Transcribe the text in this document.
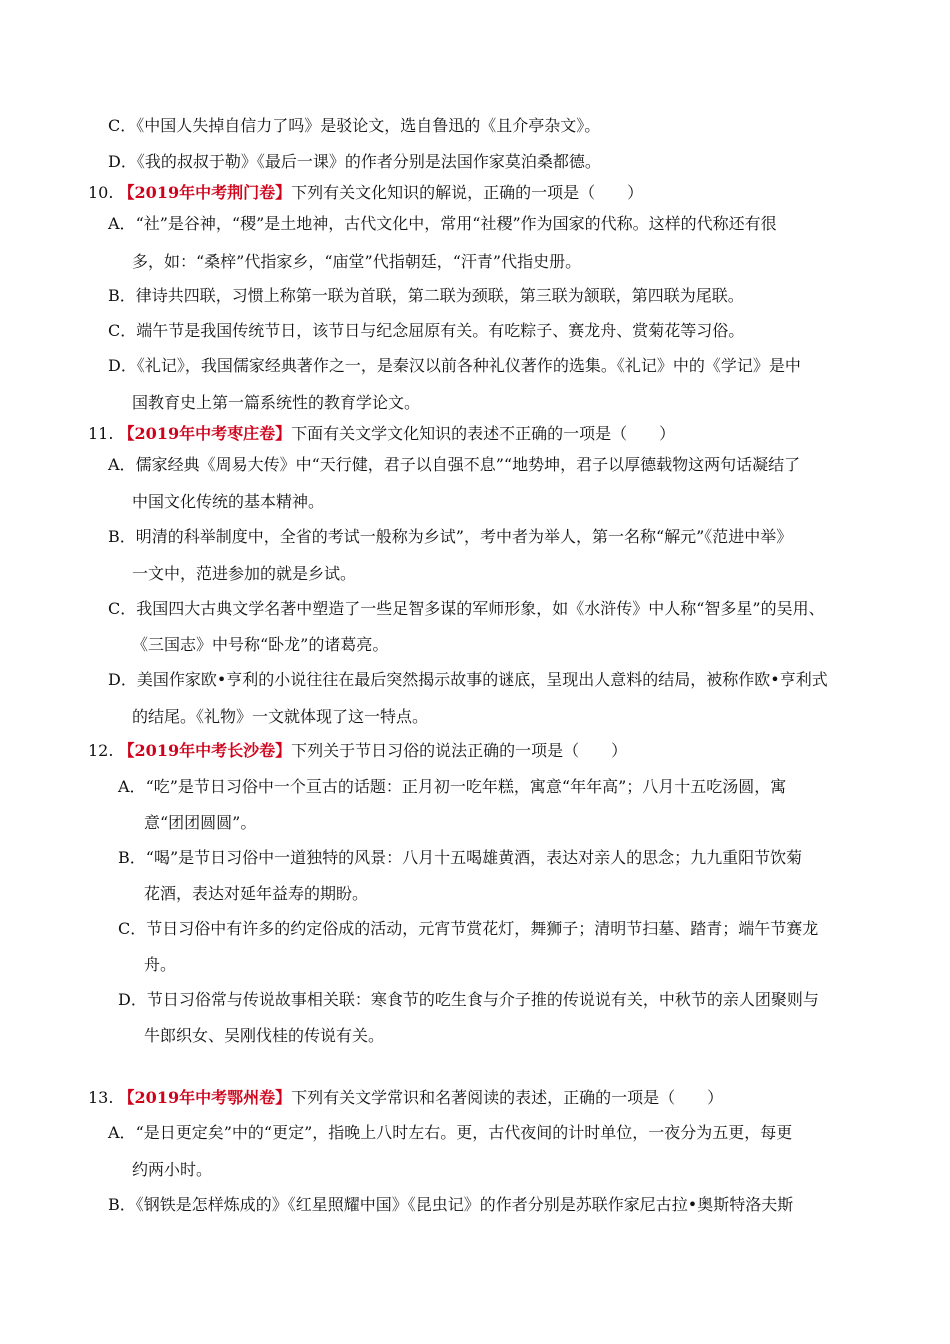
C．《中国人失掉自信力了吗》是驳论文，选自鲁迅的《且介亭杂文》。
D．《我的叔叔于勒》《最后一课》的作者分别是法国作家莫泊桑都德。
10. 【2019年中考荆门卷】下列有关文化知识的解说，正确的一项是（　　）
A．“社”是谷神，“稷”是土地神，古代文化中，常用“社稷”作为国家的代称。这样的代称还有很
多，如：“桑梓”代指家乡，“庙堂”代指朝廷，“汗青”代指史册。
B．律诗共四联，习惯上称第一联为首联，第二联为颈联，第三联为颔联，第四联为尾联。
C．端午节是我国传统节日，该节日与纪念屈原有关。有吃粽子、赛龙舟、赏菊花等习俗。
D．《礼记》，我国儒家经典著作之一，是秦汉以前各种礼仪著作的选集。《礼记》中的《学记》是中
国教育史上第一篇系统性的教育学论文。
11. 【2019年中考枣庄卷】下面有关文学文化知识的表述不正确的一项是（　　）
A．儒家经典《周易大传》中“天行健，君子以自强不息”“地势坤，君子以厚德载物这两句话凝结了
中国文化传统的基本精神。
B．明清的科举制度中，全省的考试一般称为乡试”，考中者为举人，第一名称“解元”《范进中举》
一文中，范进参加的就是乡试。
C．我国四大古典文学名著中塑造了一些足智多谋的军师形象，如《水浒传》中人称“智多星”的吴用、
《三国志》中号称“卧龙”的诸葛亮。
D．美国作家欧•亨利的小说往往在最后突然揭示故事的谜底，呈现出人意料的结局，被称作欧•亨利式
的结尾。《礼物》一文就体现了这一特点。
12. 【2019年中考长沙卷】下列关于节日习俗的说法正确的一项是（　　）
A．“吃”是节日习俗中一个亘古的话题：正月初一吃年糕，寓意“年年高”；八月十五吃汤圆，寓
意“团团圆圆”。
B．“喝”是节日习俗中一道独特的风景：八月十五喝雄黄酒，表达对亲人的思念；九九重阳节饮菊
花酒，表达对延年益寿的期盼。
C．节日习俗中有许多的约定俗成的活动，元宵节赏花灯，舞狮子；清明节扫墓、踏青；端午节赛龙
舟。
D．节日习俗常与传说故事相关联：寒食节的吃生食与介子推的传说说有关，中秋节的亲人团聚则与
牛郎织女、吴刚伐桂的传说有关。
13. 【2019年中考鄂州卷】下列有关文学常识和名著阅读的表述，正确的一项是（　　）
A．“是日更定矣”中的“更定”，指晚上八时左右。更，古代夜间的计时单位，一夜分为五更，每更
约两小时。
B．《钢铁是怎样炼成的》《红星照耀中国》《昆虫记》的作者分别是苏联作家尼古拉•奥斯特洛夫斯
